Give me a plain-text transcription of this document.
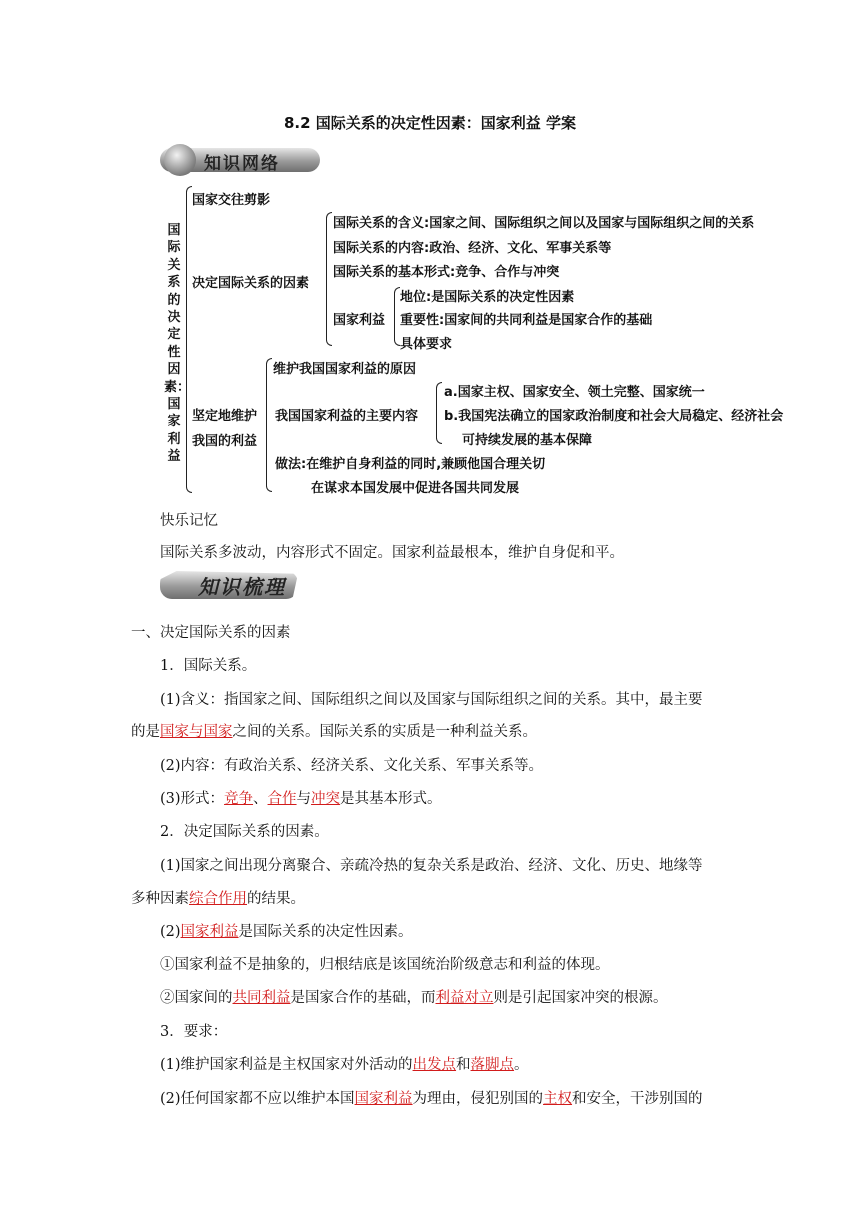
8.2 国际关系的决定性因素：国家利益 学案
知识网络
国际关系的决定性因素：国家利益
国家交往剪影
决定国际关系的因素
国际关系的含义:国家之间、国际组织之间以及国家与国际组织之间的关系
国际关系的内容:政治、经济、文化、军事关系等
国际关系的基本形式:竞争、合作与冲突
国家利益
地位:是国际关系的决定性因素
重要性:国家间的共同利益是国家合作的基础
具体要求
坚定地维护
我国的利益
维护我国国家利益的原因
我国国家利益的主要内容
a.国家主权、国家安全、领土完整、国家统一
b.我国宪法确立的国家政治制度和社会大局稳定、经济社会
可持续发展的基本保障
做法:在维护自身利益的同时,兼顾他国合理关切
在谋求本国发展中促进各国共同发展
快乐记忆
国际关系多波动，内容形式不固定。国家利益最根本，维护自身促和平。
知识梳理
一、决定国际关系的因素
1．国际关系。
(1)含义：指国家之间、国际组织之间以及国家与国际组织之间的关系。其中，最主要
的是国家与国家之间的关系。国际关系的实质是一种利益关系。
(2)内容：有政治关系、经济关系、文化关系、军事关系等。
(3)形式：竞争、合作与冲突是其基本形式。
2．决定国际关系的因素。
(1)国家之间出现分离聚合、亲疏冷热的复杂关系是政治、经济、文化、历史、地缘等
多种因素综合作用的结果。
(2)国家利益是国际关系的决定性因素。
①国家利益不是抽象的，归根结底是该国统治阶级意志和利益的体现。
②国家间的共同利益是国家合作的基础，而利益对立则是引起国家冲突的根源。
3．要求：
(1)维护国家利益是主权国家对外活动的出发点和落脚点。
(2)任何国家都不应以维护本国国家利益为理由，侵犯别国的主权和安全，干涉别国的
